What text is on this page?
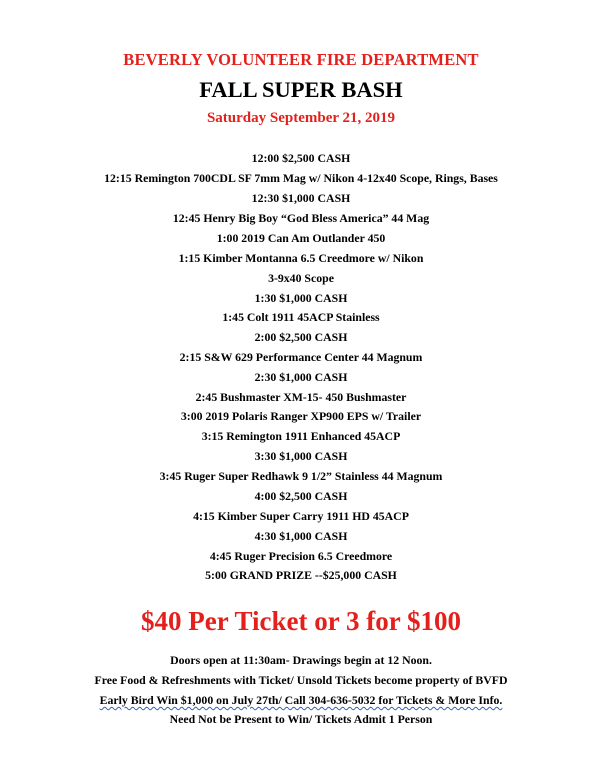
BEVERLY VOLUNTEER FIRE DEPARTMENT
FALL SUPER BASH
Saturday September 21, 2019
12:00 $2,500 CASH
12:15 Remington 700CDL SF 7mm Mag w/ Nikon 4-12x40 Scope, Rings, Bases
12:30 $1,000 CASH
12:45 Henry Big Boy “God Bless America” 44 Mag
1:00 2019 Can Am Outlander 450
1:15 Kimber Montanna 6.5 Creedmore w/ Nikon
3-9x40 Scope
1:30 $1,000 CASH
1:45 Colt 1911 45ACP Stainless
2:00 $2,500 CASH
2:15 S&W 629 Performance Center 44 Magnum
2:30 $1,000 CASH
2:45 Bushmaster XM-15- 450 Bushmaster
3:00 2019 Polaris Ranger XP900 EPS w/ Trailer
3:15 Remington 1911 Enhanced 45ACP
3:30 $1,000 CASH
3:45 Ruger Super Redhawk 9 1/2” Stainless 44 Magnum
4:00 $2,500 CASH
4:15 Kimber Super Carry 1911 HD 45ACP
4:30 $1,000 CASH
4:45 Ruger Precision 6.5 Creedmore
5:00 GRAND PRIZE --$25,000 CASH
$40 Per Ticket or 3 for $100
Doors open at 11:30am- Drawings begin at 12 Noon.
Free Food & Refreshments with Ticket/ Unsold Tickets become property of BVFD
Early Bird Win $1,000 on July 27th/ Call 304-636-5032 for Tickets & More Info.
Need Not be Present to Win/ Tickets Admit 1 Person
